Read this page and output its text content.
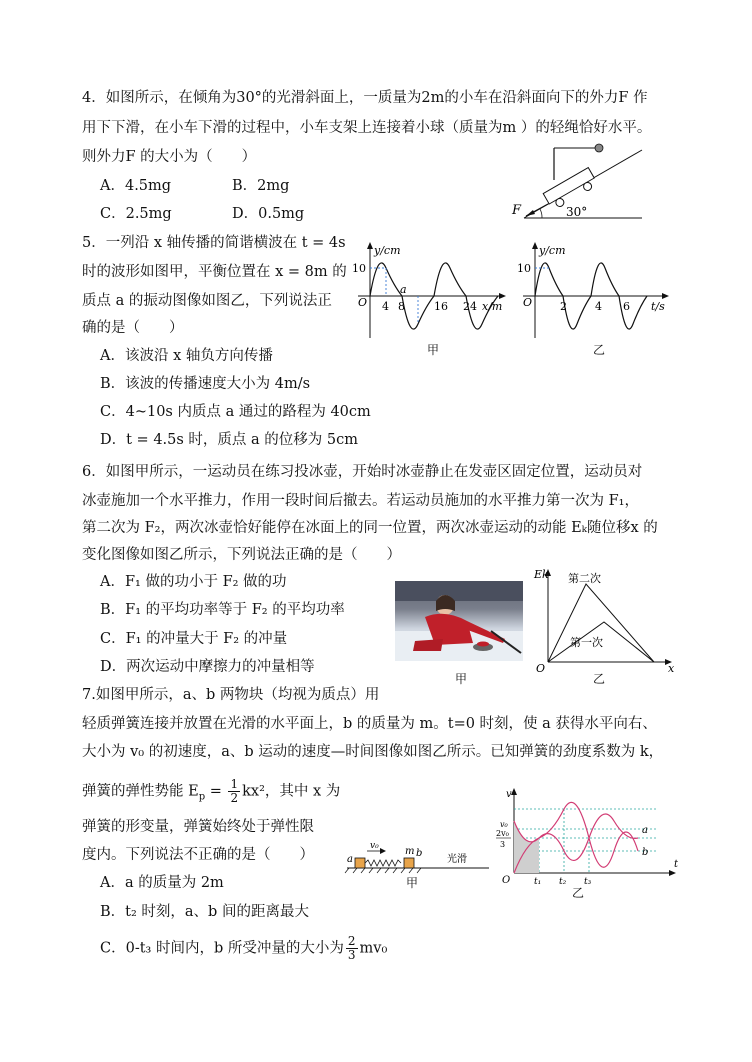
4．如图所示，在倾角为30°的光滑斜面上，一质量为2m的小车在沿斜面向下的外力F 作
用下下滑，在小车下滑的过程中，小车支架上连接着小球（质量为m ）的轻绳恰好水平。
则外力F 的大小为（　　）
A．4.5mg	B．2mg
C．2.5mg	D．0.5mg	F	30°
5．一列沿 x 轴传播的简谐横波在 t = 4s
时的波形如图甲，平衡位置在 x = 8m 的
质点 a 的振动图像如图乙，下列说法正
确的是（　　）
A．该波沿 x 轴负方向传播
B．该波的传播速度大小为 4m/s
C．4~10s 内质点 a 通过的路程为 40cm
D．t = 4.5s 时，质点 a 的位移为 5cm
y/cm
10
O
a
4 8	16 24 x/m
甲
y/cm
10
O	2	4 6 t/s
乙
6．如图甲所示，一运动员在练习投冰壶，开始时冰壶静止在发壶区固定位置，运动员对
冰壶施加一个水平推力，作用一段时间后撤去。若运动员施加的水平推力第一次为 F₁，
第二次为 F₂，两次冰壶恰好能停在冰面上的同一位置，两次冰壶运动的动能 Eₖ随位移x 的
变化图像如图乙所示，下列说法正确的是（　　）
A．F₁ 做的功小于 F₂ 做的功
B．F₁ 的平均功率等于 F₂ 的平均功率
C．F₁ 的冲量大于 F₂ 的冲量
D．两次运动中摩擦力的冲量相等
甲
Ek
x
O
第二次
第一次
乙
7.如图甲所示，a、b 两物块（均视为质点）用
轻质弹簧连接并放置在光滑的水平面上，b 的质量为 m。t=0 时刻，使 a 获得水平向右、
大小为 v₀ 的初速度，a、b 运动的速度—时间图像如图乙所示。已知弹簧的劲度系数为 k，
弹簧的弹性势能 $E_p = \frac{1}{2} kx^2$，其中 x 为
弹簧的形变量，弹簧始终处于弹性限
度内。下列说法不正确的是（　　）
A．a 的质量为 2m
B．t₂ 时刻，a、b 间的距离最大
C．0-t₃ 时间内，b 所受冲量的大小为 $\frac{2}{3} mv_0$
a
v₀	m b
光滑
甲
v
t
O
v₀
2v₀
3
t₁ t₂ t₃
a
b
乙
